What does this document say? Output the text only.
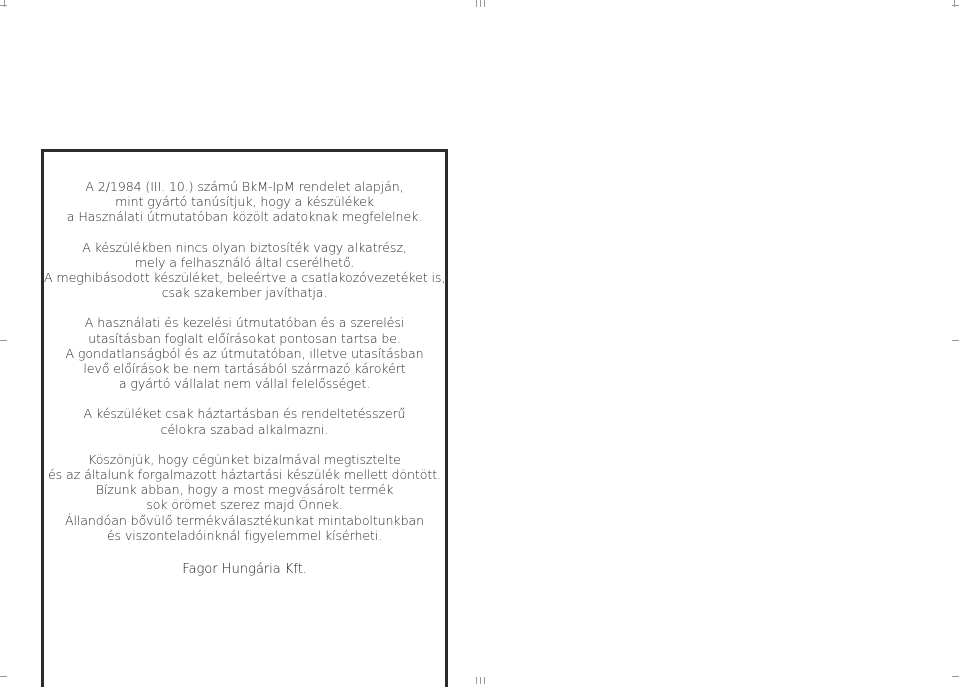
A 2/1984 (III. 10.) számú BkM-IpM rendelet alapján,
mint gyártó tanúsítjuk, hogy a készülékek
a Használati útmutatóban közölt adatoknak megfelelnek.
A készülékben nincs olyan biztosíték vagy alkatrész,
mely a felhasználó által cserélhető.
A meghibásodott készüléket, beleértve a csatlakozóvezetéket is,
csak szakember javíthatja.
A használati és kezelési útmutatóban és a szerelési
utasításban foglalt előírásokat pontosan tartsa be.
A gondatlanságból és az útmutatóban, illetve utasításban
levő előírások be nem tartásából származó károkért
a gyártó vállalat nem vállal felelősséget.
A készüléket csak háztartásban és rendeltetésszerű
célokra szabad alkalmazni.
Köszönjük, hogy cégünket bizalmával megtisztelte
és az általunk forgalmazott háztartási készülék mellett döntött.
Bízunk abban, hogy a most megvásárolt termék
sok örömet szerez majd Önnek.
Állandóan bővülő termékválasztékunkat mintaboltunkban
és viszonteladóinknál figyelemmel kísérheti.
Fagor Hungária Kft.
